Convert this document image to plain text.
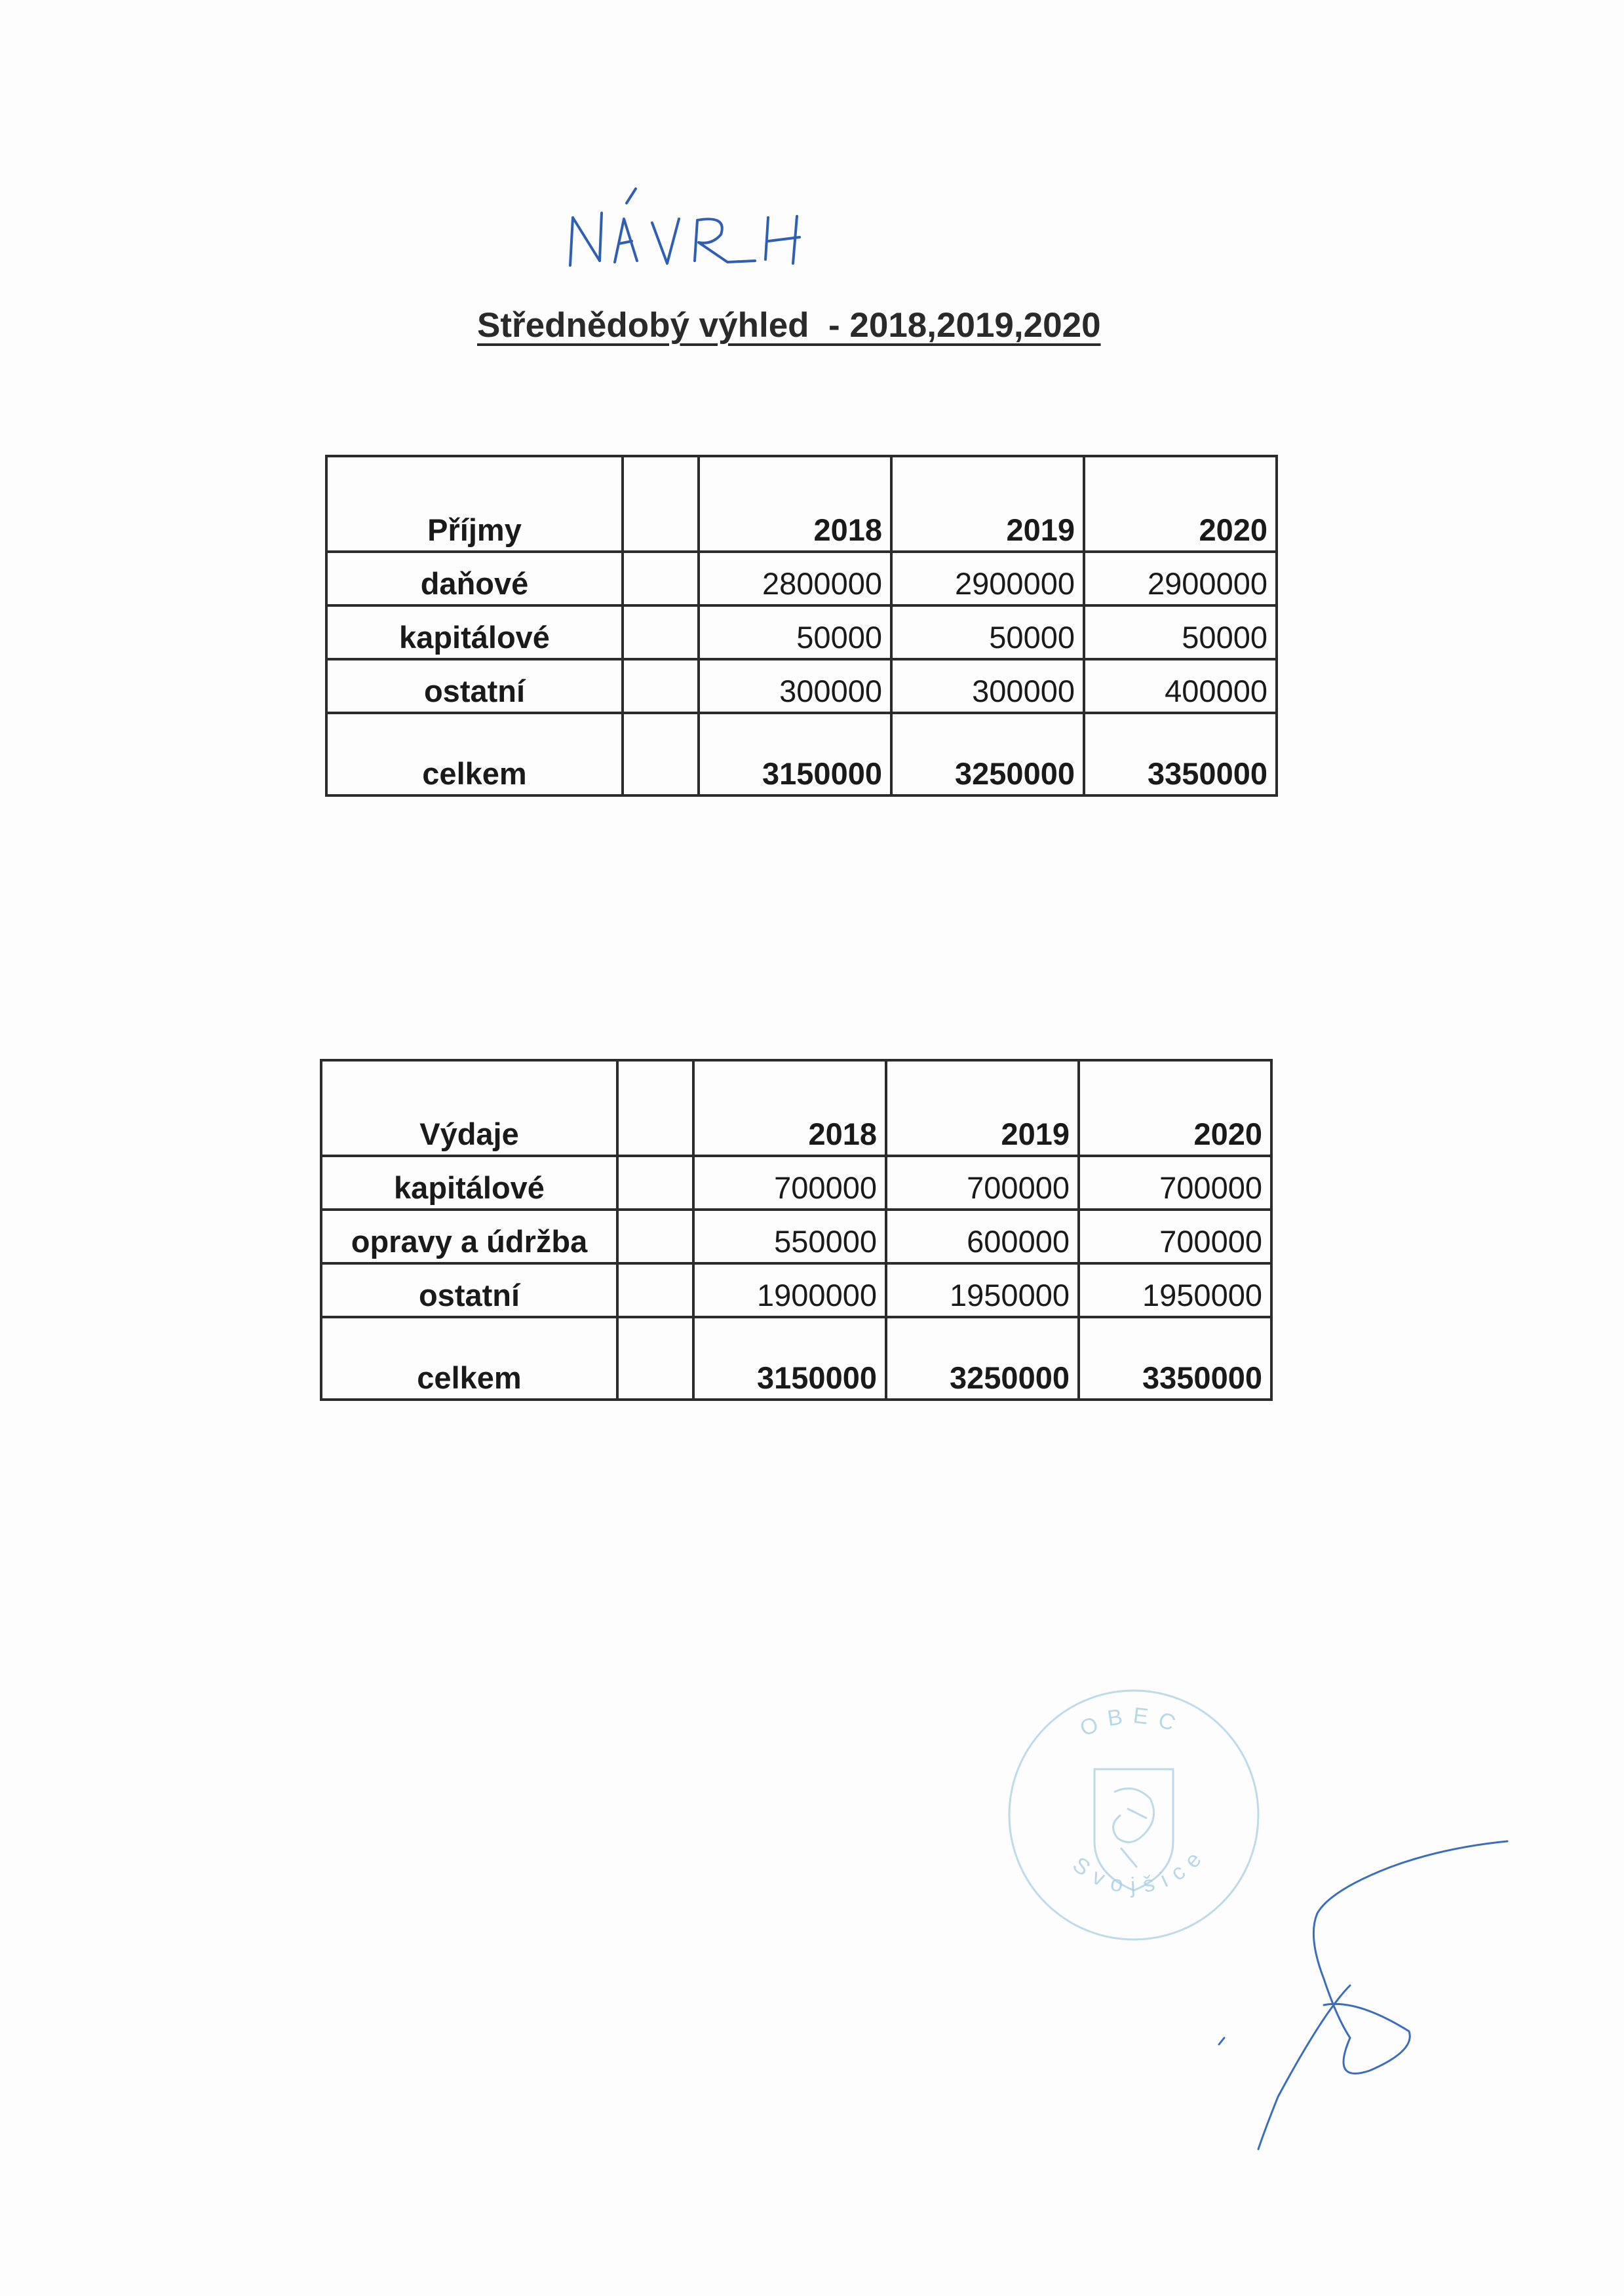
Střednědobý výhled  - 2018,2019,2020
Příjmy		2018	2019	2020
daňové		2800000	2900000	2900000
kapitálové		50000	50000	50000
ostatní		300000	300000	400000
celkem		3150000	3250000	3350000
Výdaje		2018	2019	2020
kapitálové		700000	700000	700000
opravy a údržba		550000	600000	700000
ostatní		1900000	1950000	1950000
celkem		3150000	3250000	3350000
OBEC
Svojšice
